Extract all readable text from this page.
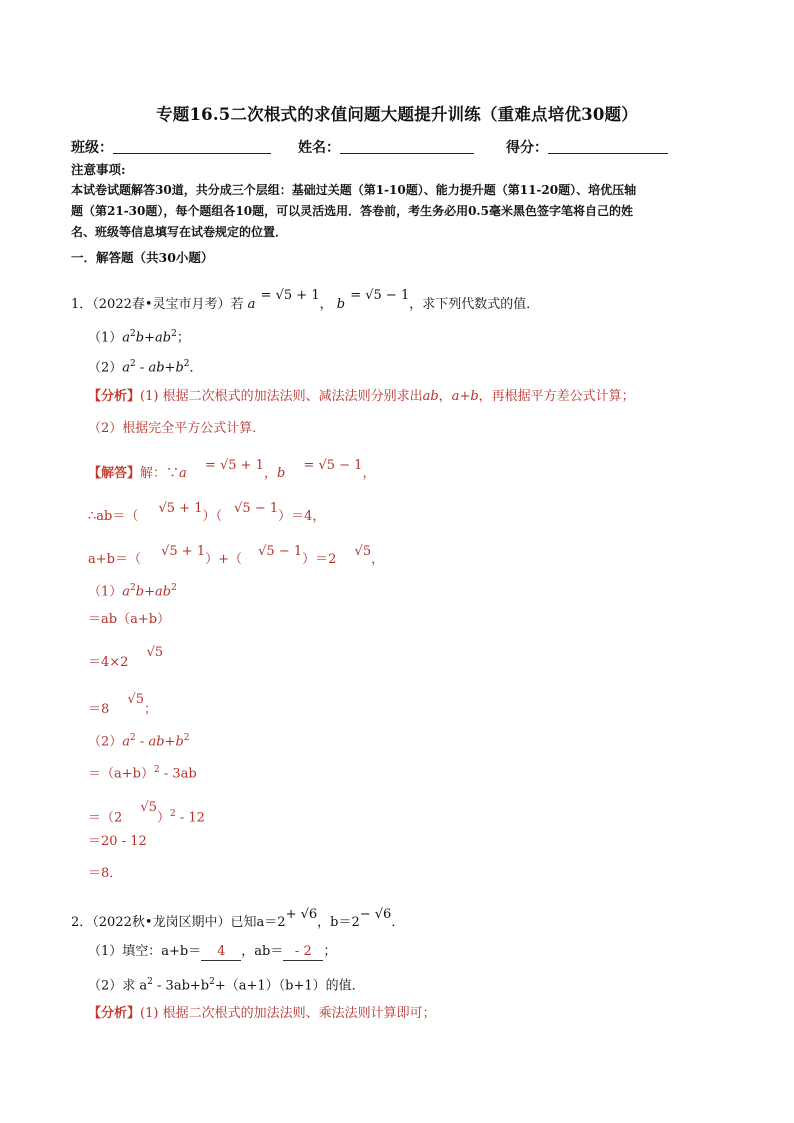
专题16.5二次根式的求值问题大题提升训练（重难点培优30题）
班级：	姓名：	得分：
注意事项:
本试卷试题解答30道，共分成三个层组：基础过关题（第1-10题）、能力提升题（第11-20题）、培优压轴
题（第21-30题），每个题组各10题，可以灵活选用．答卷前，考生务必用0.5毫米黑色签字笔将自己的姓
名、班级等信息填写在试卷规定的位置．
一．解答题（共30小题）
1．（2022春•灵宝市月考）若 a = √5 + 1， b = √5 − 1，求下列代数式的值．
$(1)a^2b+ab^2$；
$(2)a^2 - ab+b^2$．
【分析】(1) 根据二次根式的加法法则、减法法则分别求出ab，a+b，再根据平方差公式计算；
（2）根据完全平方公式计算．
【解答】解：∵a = √5 + 1，b = √5 − 1，
∴ab＝（ √5 + 1）（ √5 − 1）＝4，
a+b＝（ √5 + 1）+（ √5 − 1）＝2 √5，
$(1)a^2b+ab^2$
＝ab（a+b）
＝4×2 √5
＝8 √5；
$(2)a^2 - ab+b^2$
$=(a+b)^2 - 3ab$
＝（2 √5）$^2$ - 12
＝20 - 12
＝8．
2．（2022秋•龙岗区期中）已知a＝2+ √6，b＝2− √6．
（1）填空：a+b＝ 4 ，ab＝ - 2 ；
（2）求 $a^2 - 3ab+b^2+(a+1)(b+1)$的值．
【分析】(1) 根据二次根式的加法法则、乘法法则计算即可；
